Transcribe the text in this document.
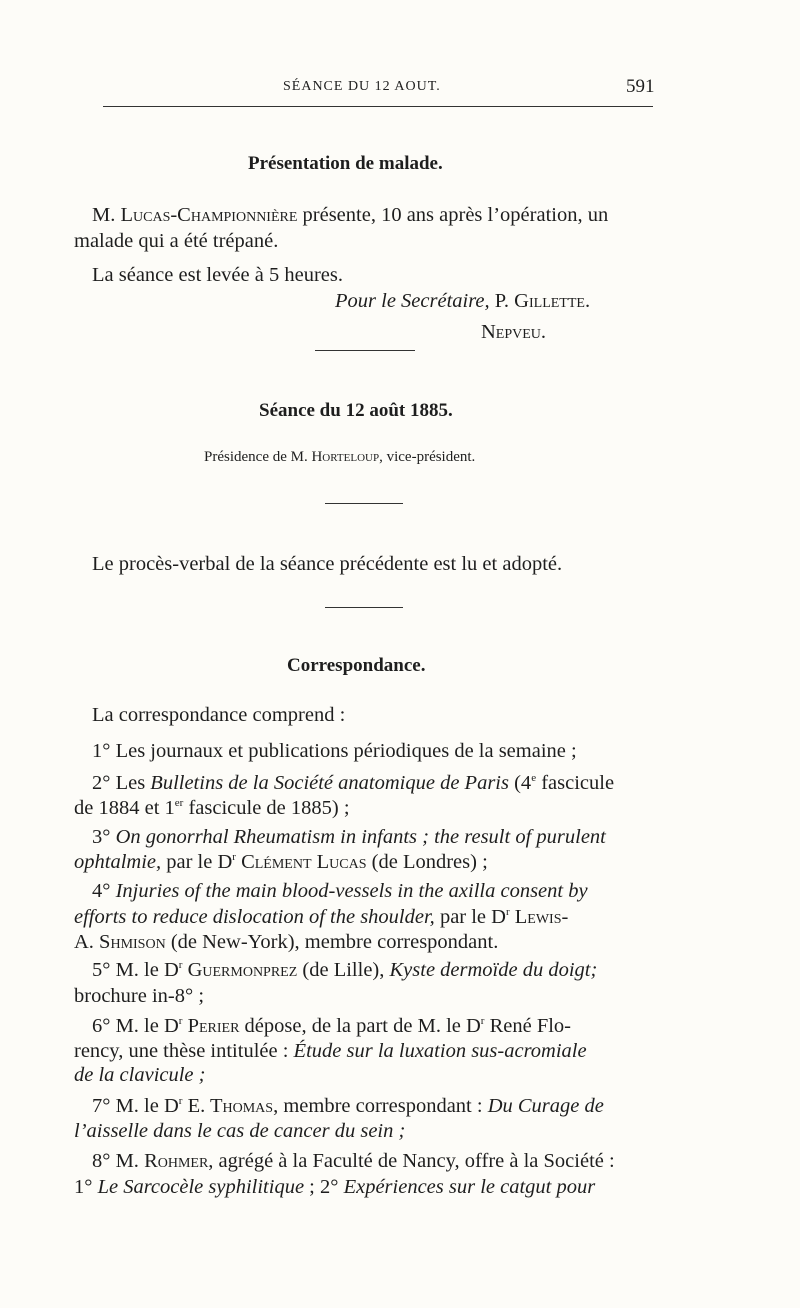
SÉANCE DU 12 AOUT.	591
Présentation de malade.
M. Lucas-Championnière présente, 10 ans après l’opération, un
malade qui a été trépané.
La séance est levée à 5 heures.
Pour le Secrétaire, P. Gillette.
Nepveu.
Séance du 12 août 1885.
Présidence de M. Horteloup, vice-président.
Le procès-verbal de la séance précédente est lu et adopté.
Correspondance.
La correspondance comprend :
1° Les journaux et publications périodiques de la semaine ;
2° Les Bulletins de la Société anatomique de Paris (4e fascicule
de 1884 et 1er fascicule de 1885) ;
3° On gonorrhal Rheumatism in infants ; the result of purulent
ophtalmie, par le $D^r$ Clément Lucas (de Londres) ;
4° Injuries of the main blood-vessels in the axilla consent by
efforts to reduce dislocation of the shoulder, par le $D^r$ Lewis-
A. Shmison (de New-York), membre correspondant.
5° M. le $D^r$ Guermonprez (de Lille), Kyste dermoïde du doigt;
brochure in-8° ;
6° M. le $D^r$ Perier dépose, de la part de M. le $D^r$ René Flo-
rency, une thèse intitulée : Étude sur la luxation sus-acromiale
de la clavicule ;
7° M. le $D^r$ E. Thomas, membre correspondant : Du Curage de
l’aisselle dans le cas de cancer du sein ;
8° M. Rohmer, agrégé à la Faculté de Nancy, offre à la Société :
1° Le Sarcocèle syphilitique ; 2° Expériences sur le catgut pour
